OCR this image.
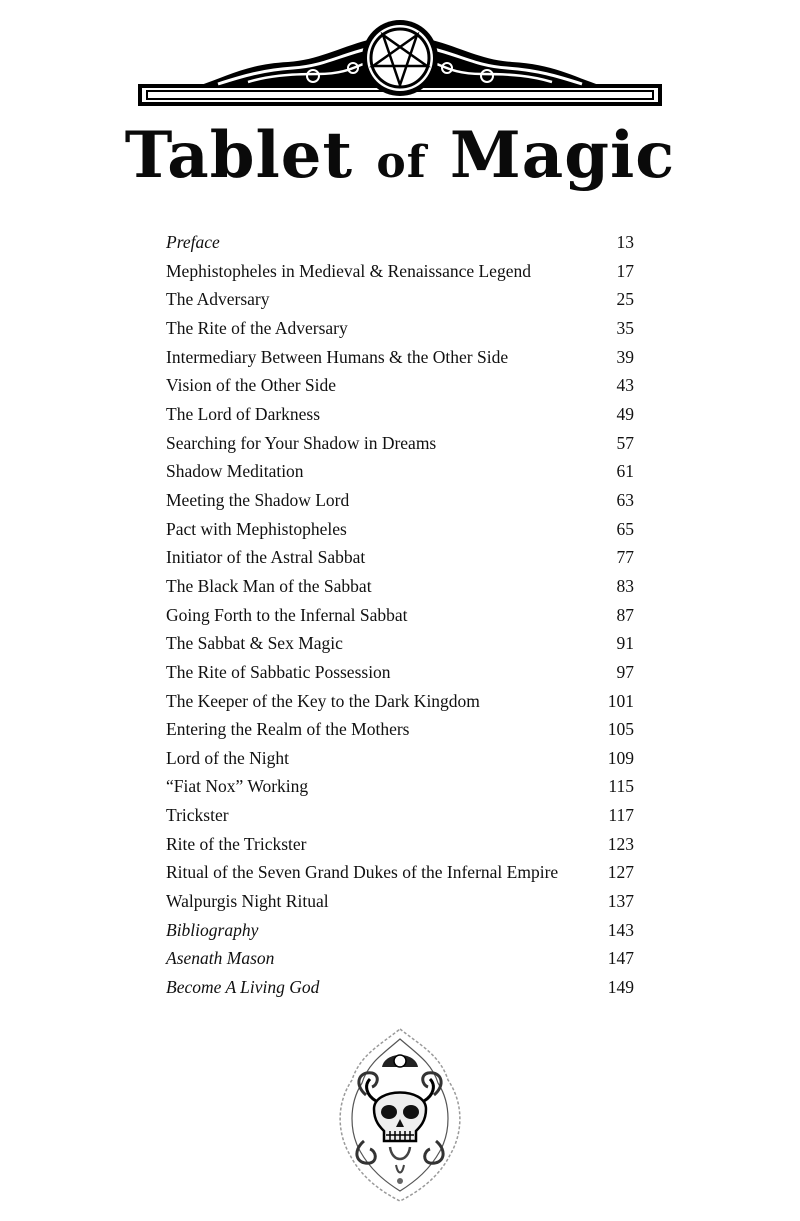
Tablet of Magic
Preface	13
Mephistopheles in Medieval & Renaissance Legend	17
The Adversary	25
The Rite of the Adversary	35
Intermediary Between Humans & the Other Side	39
Vision of the Other Side	43
The Lord of Darkness	49
Searching for Your Shadow in Dreams	57
Shadow Meditation	61
Meeting the Shadow Lord	63
Pact with Mephistopheles	65
Initiator of the Astral Sabbat	77
The Black Man of the Sabbat	83
Going Forth to the Infernal Sabbat	87
The Sabbat & Sex Magic	91
The Rite of Sabbatic Possession	97
The Keeper of the Key to the Dark Kingdom	101
Entering the Realm of the Mothers	105
Lord of the Night	109
“Fiat Nox” Working	115
Trickster	117
Rite of the Trickster	123
Ritual of the Seven Grand Dukes of the Infernal Empire	127
Walpurgis Night Ritual	137
Bibliography	143
Asenath Mason	147
Become A Living God	149
